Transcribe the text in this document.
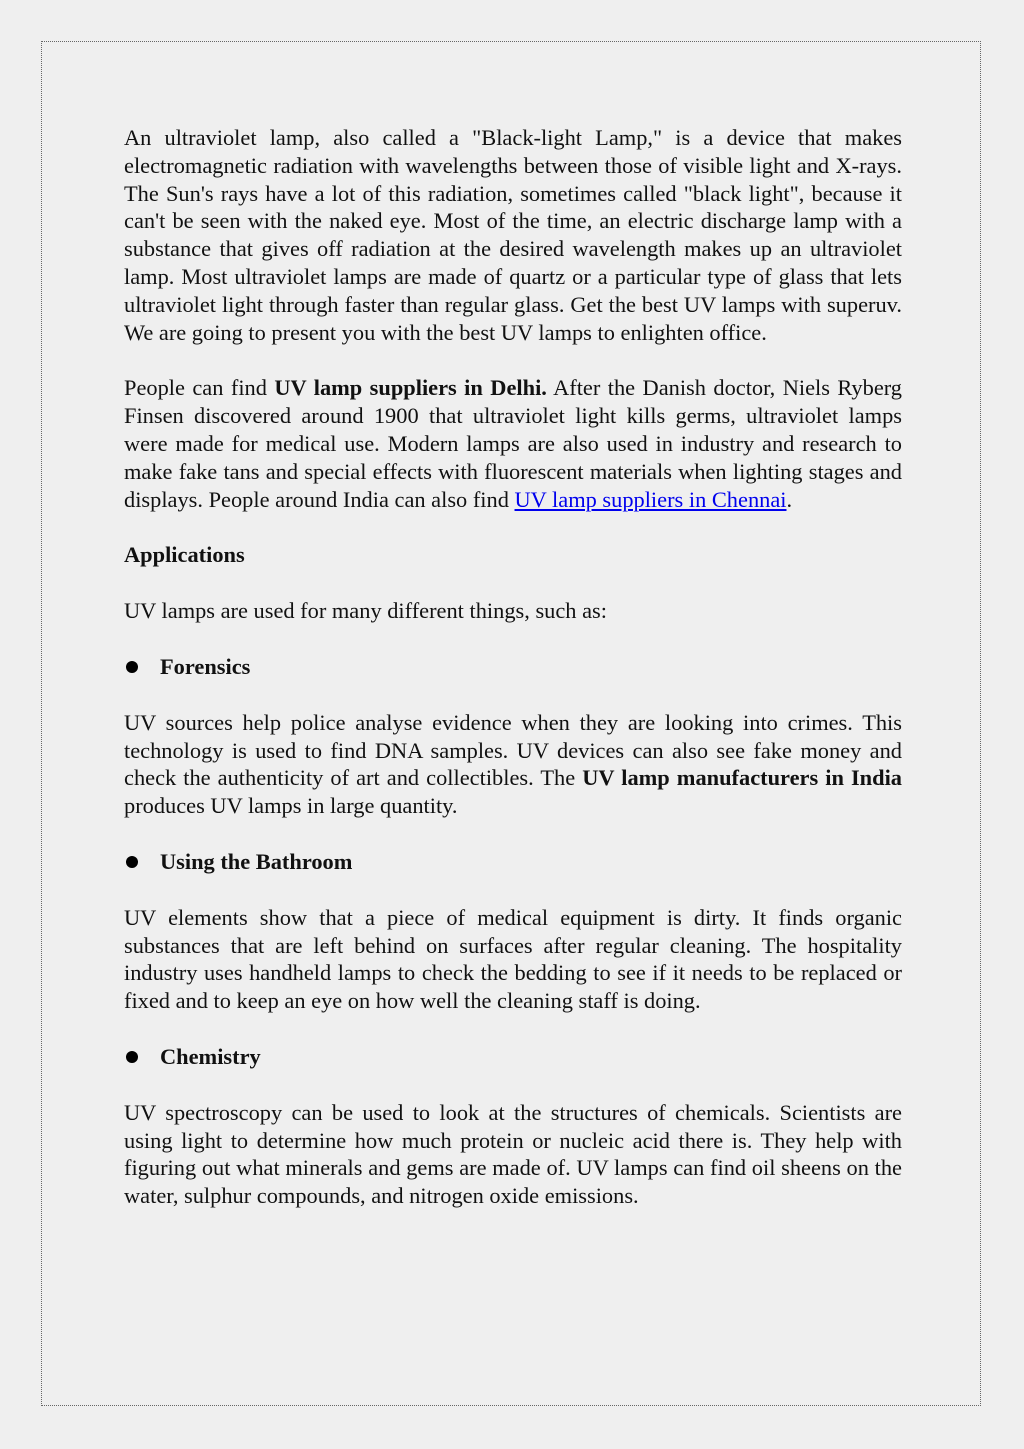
An ultraviolet lamp, also called a "Black-light Lamp," is a device that makes electromagnetic radiation with wavelengths between those of visible light and X-rays. The Sun's rays have a lot of this radiation, sometimes called "black light", because it can't be seen with the naked eye. Most of the time, an electric discharge lamp with a substance that gives off radiation at the desired wavelength makes up an ultraviolet lamp. Most ultraviolet lamps are made of quartz or a particular type of glass that lets ultraviolet light through faster than regular glass. Get the best UV lamps with superuv. We are going to present you with the best UV lamps to enlighten office.

People can find UV lamp suppliers in Delhi. After the Danish doctor, Niels Ryberg Finsen discovered around 1900 that ultraviolet light kills germs, ultraviolet lamps were made for medical use. Modern lamps are also used in industry and research to make fake tans and special effects with fluorescent materials when lighting stages and displays. People around India can also find UV lamp suppliers in Chennai.

Applications

UV lamps are used for many different things, such as:

Forensics

UV sources help police analyse evidence when they are looking into crimes. This technology is used to find DNA samples. UV devices can also see fake money and check the authenticity of art and collectibles. The UV lamp manufacturers in India produces UV lamps in large quantity.

Using the Bathroom

UV elements show that a piece of medical equipment is dirty. It finds organic substances that are left behind on surfaces after regular cleaning. The hospitality industry uses handheld lamps to check the bedding to see if it needs to be replaced or fixed and to keep an eye on how well the cleaning staff is doing.

Chemistry

UV spectroscopy can be used to look at the structures of chemicals. Scientists are using light to determine how much protein or nucleic acid there is. They help with figuring out what minerals and gems are made of. UV lamps can find oil sheens on the water, sulphur compounds, and nitrogen oxide emissions.
